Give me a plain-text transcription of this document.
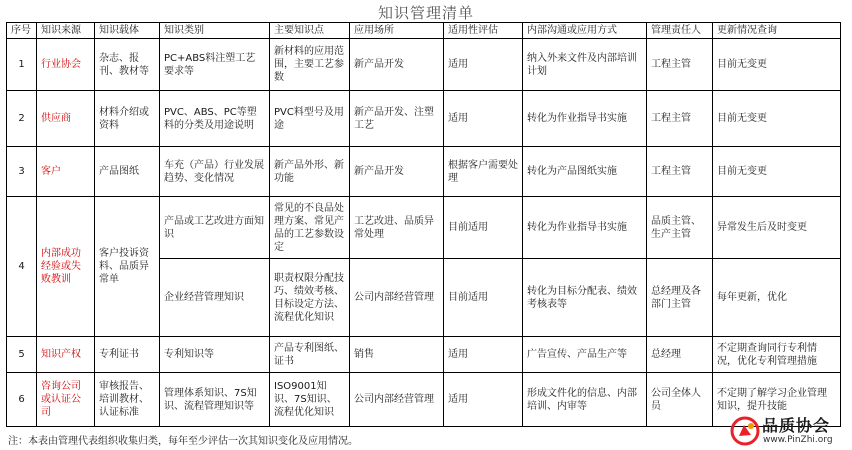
知识管理清单
序号	知识来源	知识载体	知识类别	主要知识点	应用场所	适用性评估	内部沟通或应用方式	管理责任人	更新情况查询
1	行业协会	杂志、报刊、教材等	PC+ABS料注塑工艺要求等	新材料的应用范围，主要工艺参数	新产品开发	适用	纳入外来文件及内部培训计划	工程主管	目前无变更
2	供应商	材料介绍或资料	PVC、ABS、PC等塑料的分类及用途说明	PVC料型号及用途	新产品开发、注塑工艺	适用	转化为作业指导书实施	工程主管	目前无变更
3	客户	产品图纸	车充（产品）行业发展趋势、变化情况	新产品外形、新功能	新产品开发	根据客户需要处理	转化为产品图纸实施	工程主管	目前无变更
4	内部成功经验或失败教训	客户投诉资料、品质异常单	产品或工艺改进方面知识	常见的不良品处理方案、常见产品的工艺参数设定	工艺改进、品质异常处理	目前适用	转化为作业指导书实施	品质主管、生产主管	异常发生后及时变更
			企业经营管理知识	职责权限分配技巧、绩效考核、目标设定方法、流程优化知识	公司内部经营管理	目前适用	转化为目标分配表、绩效考核表等	总经理及各部门主管	每年更新，优化
5	知识产权	专利证书	专利知识等	产品专利图纸、证书	销售	适用	广告宣传、产品生产等	总经理	不定期查询同行专利情况，优化专利管理措施
6	咨询公司或认证公司	审核报告、培训教材、认证标准	管理体系知识、7S知识、流程管理知识等	ISO9001知识、7S知识、流程优化知识	公司内部经营管理	适用	形成文件化的信息、内部培训、内审等	公司全体人员	不定期了解学习企业管理知识，提升技能
注：本表由管理代表组织收集归类，每年至少评估一次其知识变化及应用情况。
品质协会
www.PinZhi.org
